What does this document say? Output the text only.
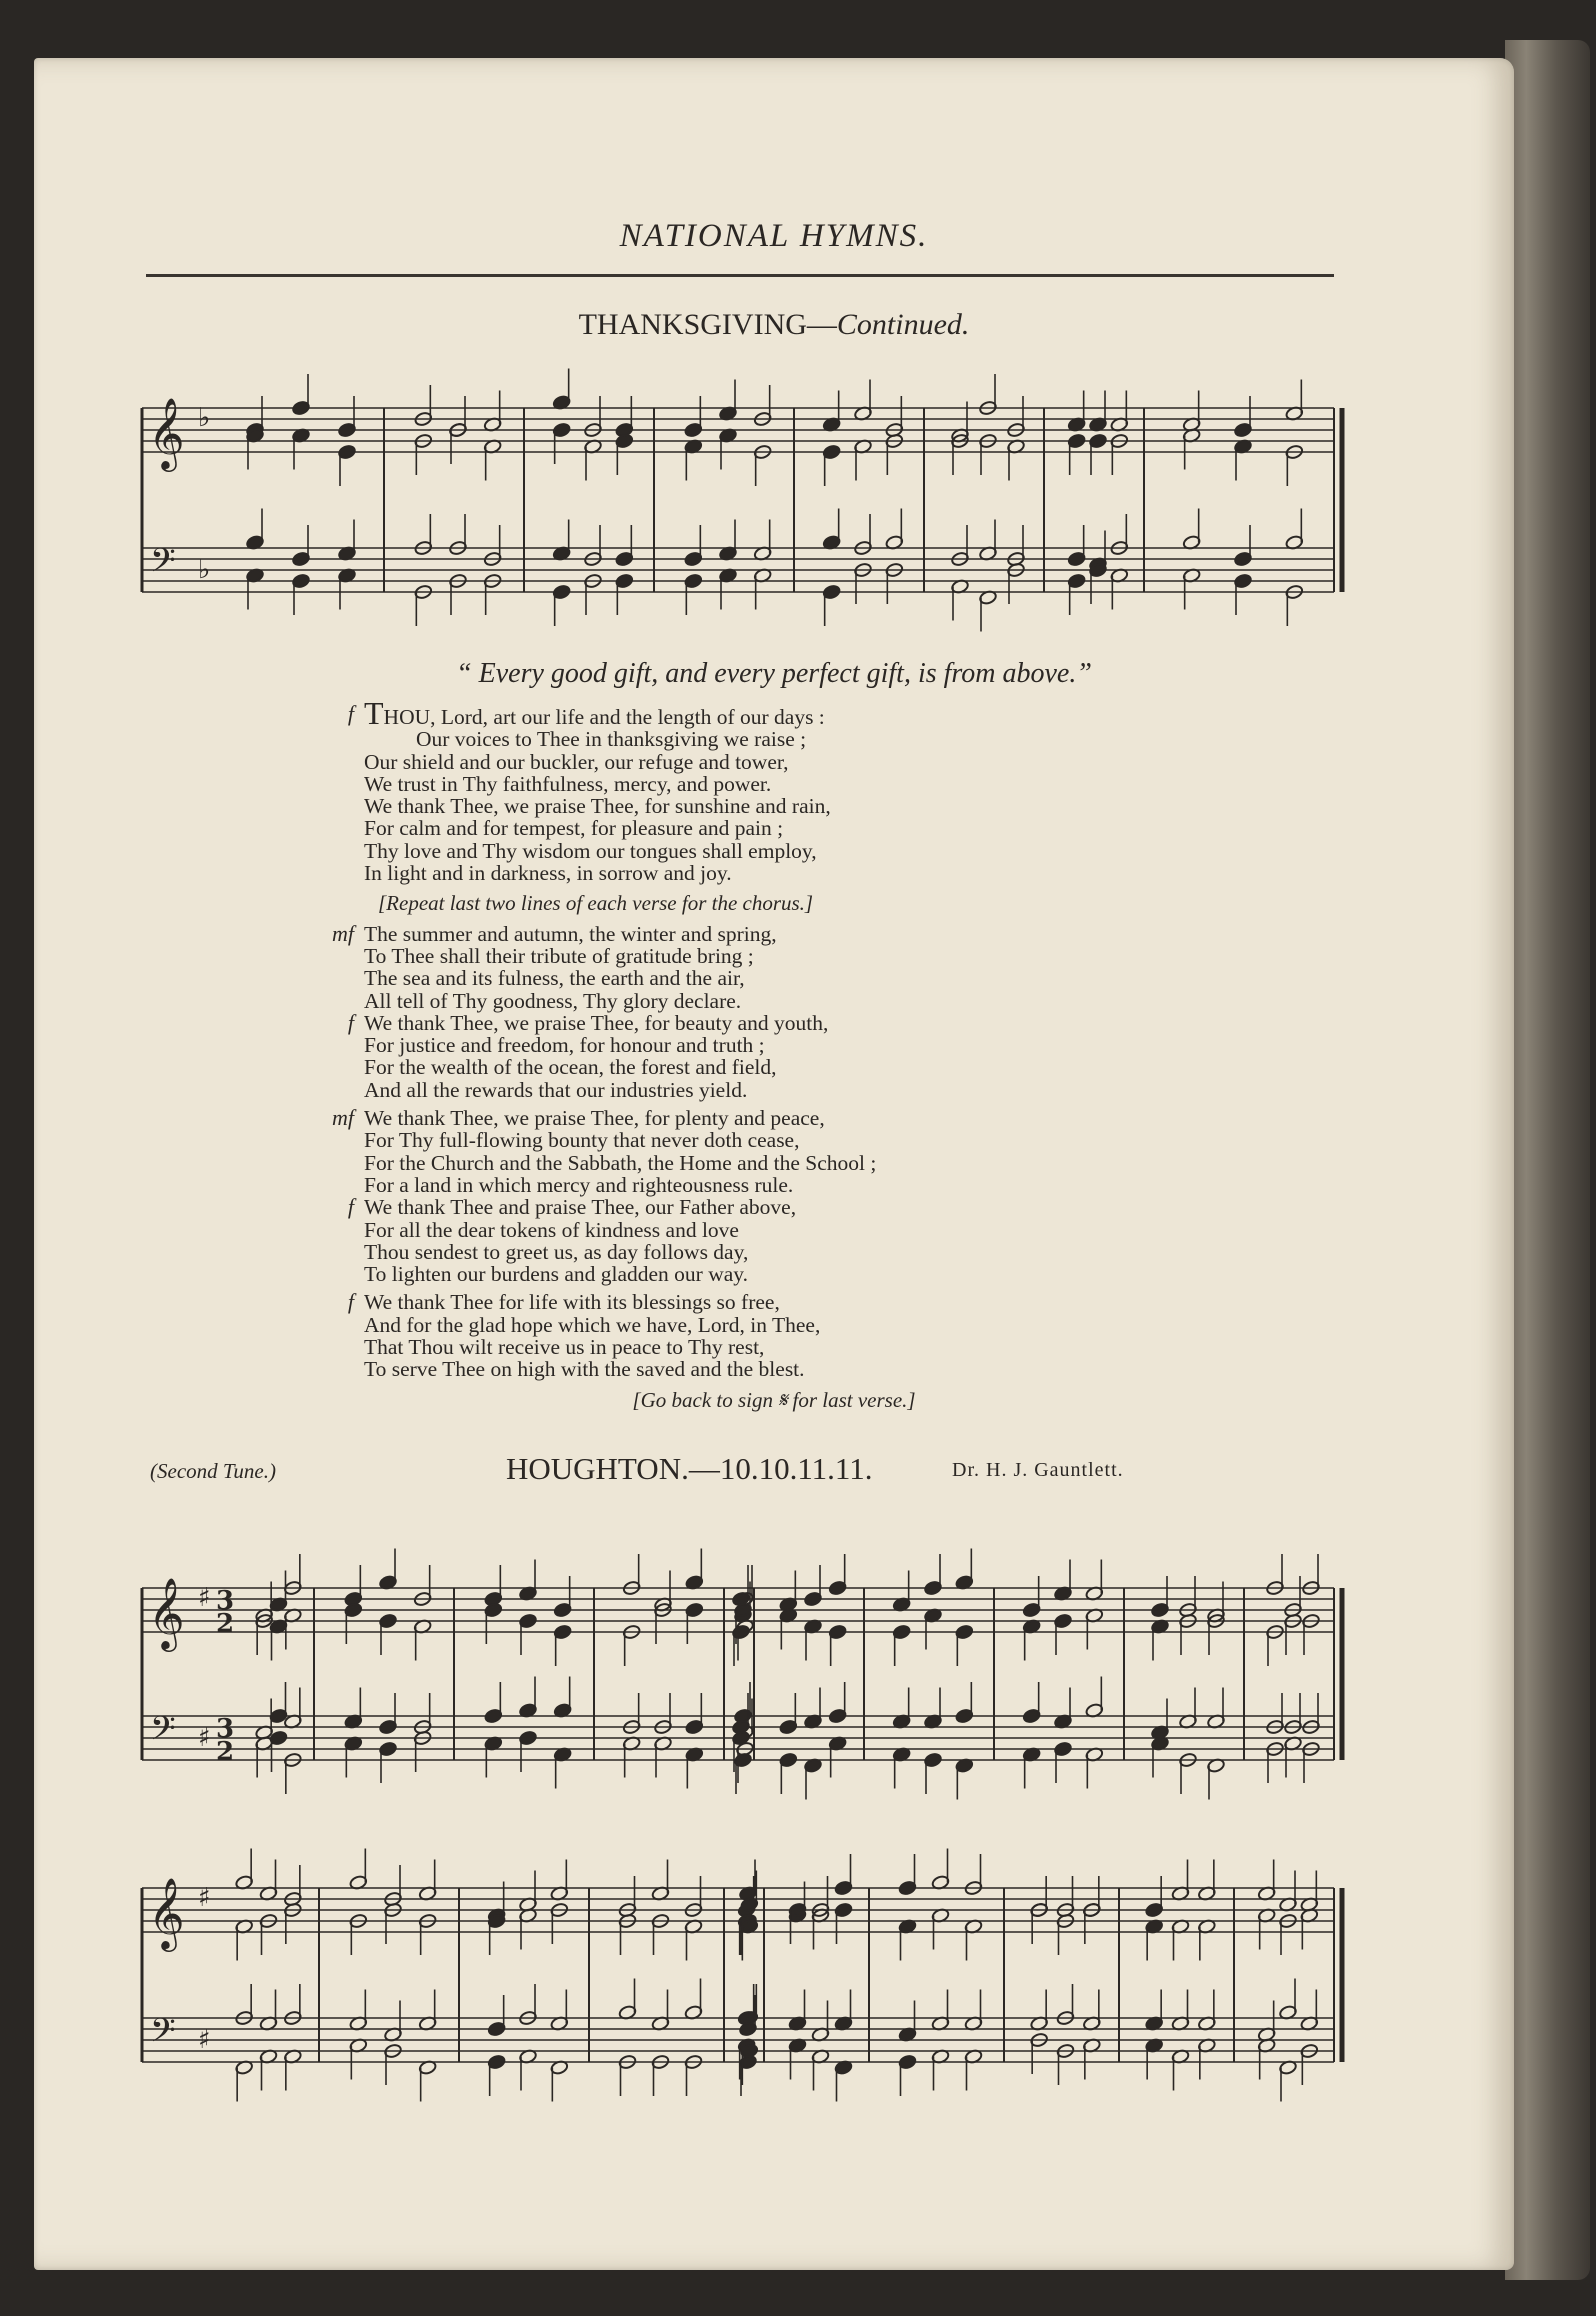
NATIONAL HYMNS.
THANKSGIVING—Continued.
𝄞
𝄢
♭
♭
“ Every good gift, and every perfect gift, is from above.”
f THOU, Lord, art our life and the length of our days :
Our voices to Thee in thanksgiving we raise ;
Our shield and our buckler, our refuge and tower,
We trust in Thy faithfulness, mercy, and power.
We thank Thee, we praise Thee, for sunshine and rain,
For calm and for tempest, for pleasure and pain ;
Thy love and Thy wisdom our tongues shall employ,
In light and in darkness, in sorrow and joy.
[Repeat last two lines of each verse for the chorus.]
mf The summer and autumn, the winter and spring,
To Thee shall their tribute of gratitude bring ;
The sea and its fulness, the earth and the air,
All tell of Thy goodness, Thy glory declare.
f We thank Thee, we praise Thee, for beauty and youth,
For justice and freedom, for honour and truth ;
For the wealth of the ocean, the forest and field,
And all the rewards that our industries yield.
mf We thank Thee, we praise Thee, for plenty and peace,
For Thy full-flowing bounty that never doth cease,
For the Church and the Sabbath, the Home and the School ;
For a land in which mercy and righteousness rule.
f We thank Thee and praise Thee, our Father above,
For all the dear tokens of kindness and love
Thou sendest to greet us, as day follows day,
To lighten our burdens and gladden our way.
f We thank Thee for life with its blessings so free,
And for the glad hope which we have, Lord, in Thee,
That Thou wilt receive us in peace to Thy rest,
To serve Thee on high with the saved and the blest.
[Go back to sign 𝄋 for last verse.]
(Second Tune.)	HOUGHTON.—10.10.11.11.	Dr. H. J. Gauntlett.
𝄞
𝄢
♯
♯
3
2
3
2
𝄞
𝄢
♯
♯
